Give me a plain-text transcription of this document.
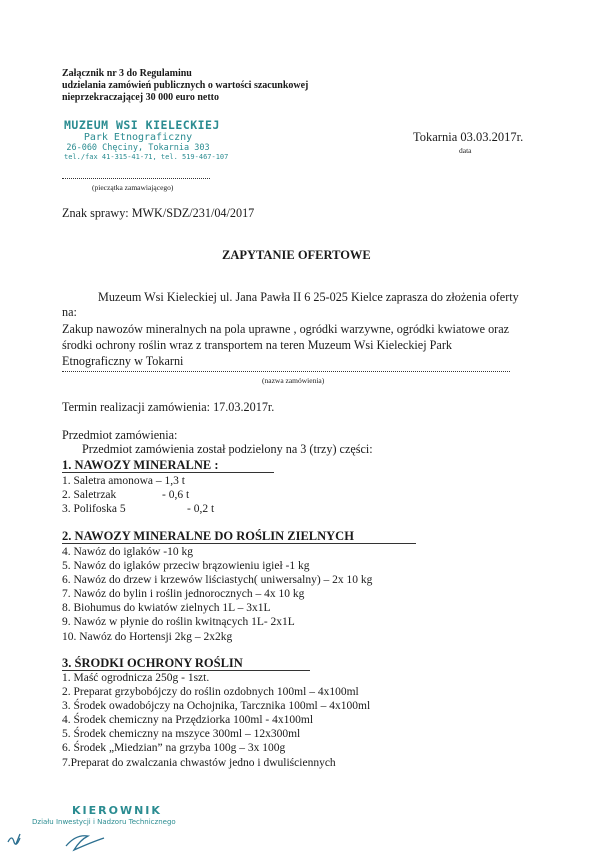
Załącznik nr 3 do Regulaminu
udzielania zamówień publicznych o wartości szacunkowej
nieprzekraczającej 30 000 euro netto
MUZEUM WSI KIELECKIEJ
Park Etnograficzny
26-060 Chęciny, Tokarnia 303
tel./fax 41-315-41-71, tel. 519-467-107
(pieczątka zamawiającego)
Tokarnia 03.03.2017r.
data
Znak sprawy: MWK/SDZ/231/04/2017
ZAPYTANIE OFERTOWE
Muzeum Wsi Kieleckiej ul. Jana Pawła II 6 25-025 Kielce zaprasza do złożenia oferty
na:
Zakup nawozów mineralnych na pola uprawne , ogródki warzywne, ogródki kwiatowe oraz
środki ochrony roślin wraz z transportem na teren Muzeum Wsi Kieleckiej Park
Etnograficzny w Tokarni
(nazwa zamówienia)
Termin realizacji zamówienia: 17.03.2017r.
Przedmiot zamówienia:
Przedmiot zamówienia został podzielony na 3 (trzy) części:
1. NAWOZY MINERALNE :
1. Saletra amonowa – 1,3 t
2. Saletrzak	- 0,6 t
3. Polifoska 5	- 0,2 t
2. NAWOZY MINERALNE DO ROŚLIN ZIELNYCH
4. Nawóz do iglaków -10 kg
5. Nawóz do iglaków przeciw brązowieniu igieł -1 kg
6. Nawóz do drzew i krzewów liściastych( uniwersalny) – 2x 10 kg
7. Nawóz do bylin i roślin jednorocznych – 4x 10 kg
8. Biohumus do kwiatów zielnych 1L – 3x1L
9. Nawóz w płynie do roślin kwitnących 1L- 2x1L
10. Nawóz do Hortensji 2kg – 2x2kg
3. ŚRODKI OCHRONY ROŚLIN
1. Maść ogrodnicza 250g - 1szt.
2. Preparat grzybobójczy do roślin ozdobnych 100ml – 4x100ml
3. Środek owadobójczy na Ochojnika, Tarcznika 100ml – 4x100ml
4. Środek chemiczny na Przędziorka 100ml - 4x100ml
5. Środek chemiczny na mszyce 300ml – 12x300ml
6. Środek „Miedzian” na grzyba 100g – 3x 100g
7.Preparat do zwalczania chwastów jedno i dwuliściennych
KIEROWNIK
Działu Inwestycji i Nadzoru Technicznego
